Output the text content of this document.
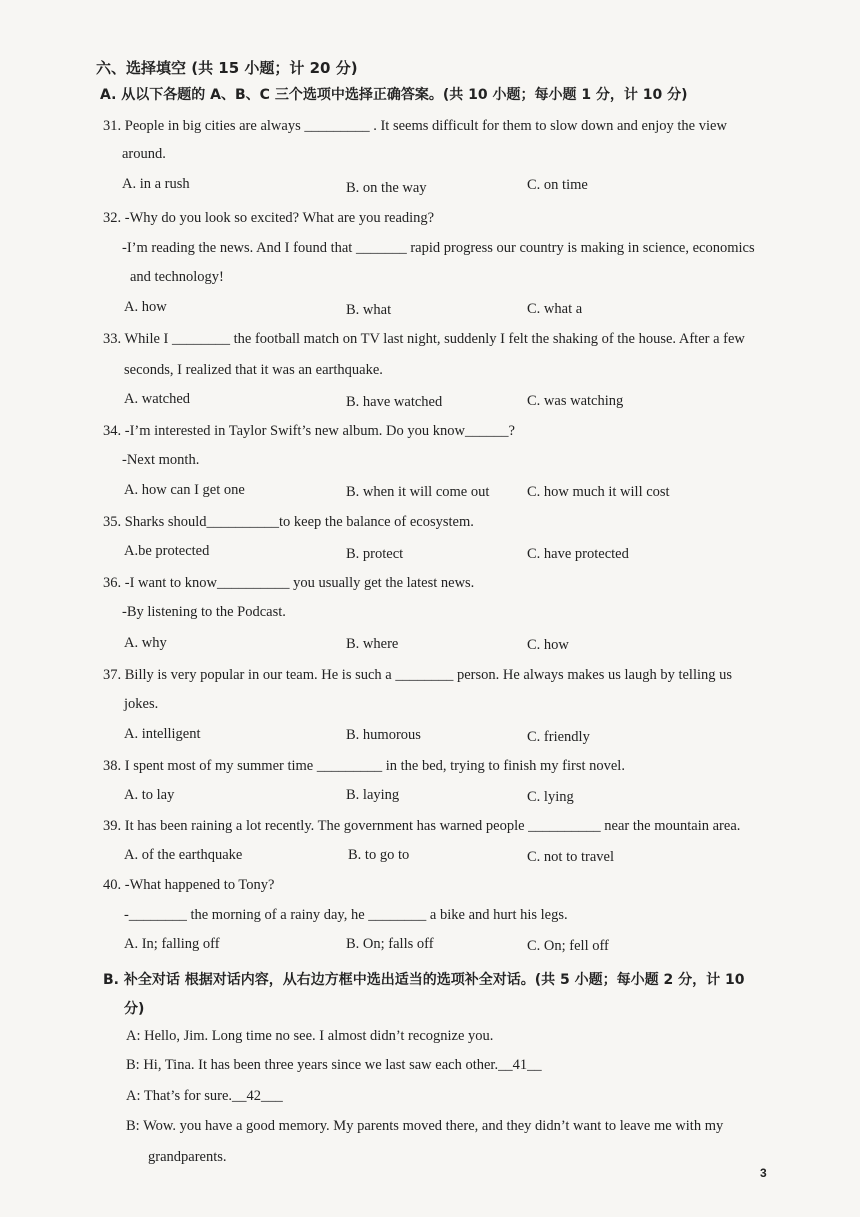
六、选择填空 (共 15 小题；计 20 分)
A. 从以下各题的 A、B、C 三个选项中选择正确答案。(共 10 小题；每小题 1 分，计 10 分)
31. People in big cities are always _________ . It seems difficult for them to slow down and enjoy the view
around.
A. in a rush	B. on the way	C. on time
32. -Why do you look so excited? What are you reading?
-I’m reading the news. And I found that _______ rapid progress our country is making in science, economics
and technology!
A. how	B. what	C. what a
33. While I ________ the football match on TV last night, suddenly I felt the shaking of the house. After a few
seconds, I realized that it was an earthquake.
A. watched	B. have watched	C. was watching
34. -I’m interested in Taylor Swift’s new album. Do you know______?
-Next month.
A. how can I get one	B. when it will come out	C. how much it will cost
35. Sharks should__________to keep the balance of ecosystem.
A.be protected	B. protect	C. have protected
36. -I want to know__________ you usually get the latest news.
-By listening to the Podcast.
A. why	B. where	C. how
37. Billy is very popular in our team. He is such a ________ person. He always makes us laugh by telling us
jokes.
A. intelligent	B. humorous	C. friendly
38. I spent most of my summer time _________ in the bed, trying to finish my first novel.
A. to lay	B. laying	C. lying
39. It has been raining a lot recently. The government has warned people __________ near the mountain area.
A. of the earthquake	B. to go to	C. not to travel
40. -What happened to Tony?
-________ the morning of a rainy day, he ________ a bike and hurt his legs.
A. In; falling off	B. On; falls off	C. On; fell off
B. 补全对话 根据对话内容，从右边方框中选出适当的选项补全对话。(共 5 小题；每小题 2 分，计 10
分)
A: Hello, Jim. Long time no see. I almost didn’t recognize you.
B: Hi, Tina. It has been three years since we last saw each other.__41__
A: That’s for sure.__42___
B: Wow. you have a good memory. My parents moved there, and they didn’t want to leave me with my
grandparents.
3
